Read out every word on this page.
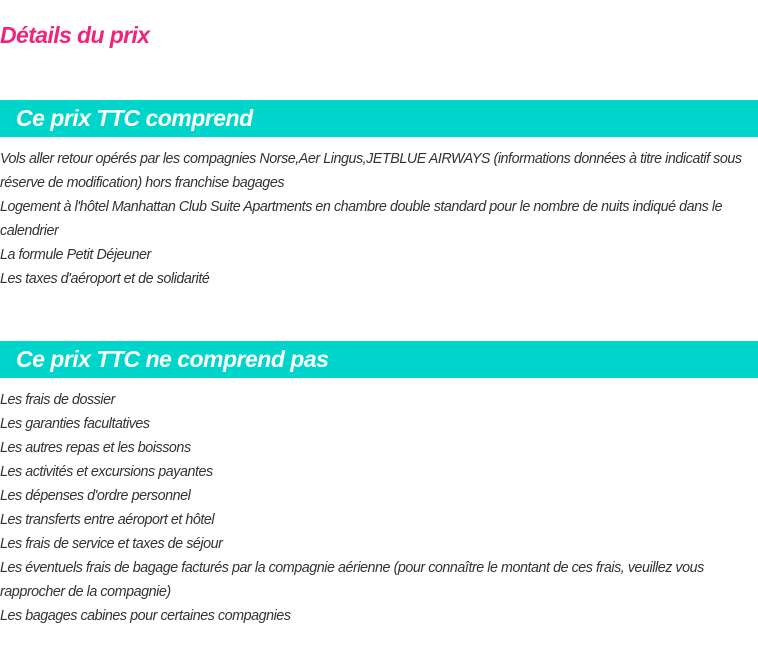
Détails du prix
Ce prix TTC comprend
Vols aller retour opérés par les compagnies Norse,Aer Lingus,JETBLUE AIRWAYS (informations données à titre indicatif sous réserve de modification) hors franchise bagages
Logement à l'hôtel Manhattan Club Suite Apartments en chambre double standard pour le nombre de nuits indiqué dans le calendrier
La formule Petit Déjeuner
Les taxes d'aéroport et de solidarité
Ce prix TTC ne comprend pas
Les frais de dossier
Les garanties facultatives
Les autres repas et les boissons
Les activités et excursions payantes
Les dépenses d'ordre personnel
Les transferts entre aéroport et hôtel
Les frais de service et taxes de séjour
Les éventuels frais de bagage facturés par la compagnie aérienne (pour connaître le montant de ces frais, veuillez vous rapprocher de la compagnie)
Les bagages cabines pour certaines compagnies
